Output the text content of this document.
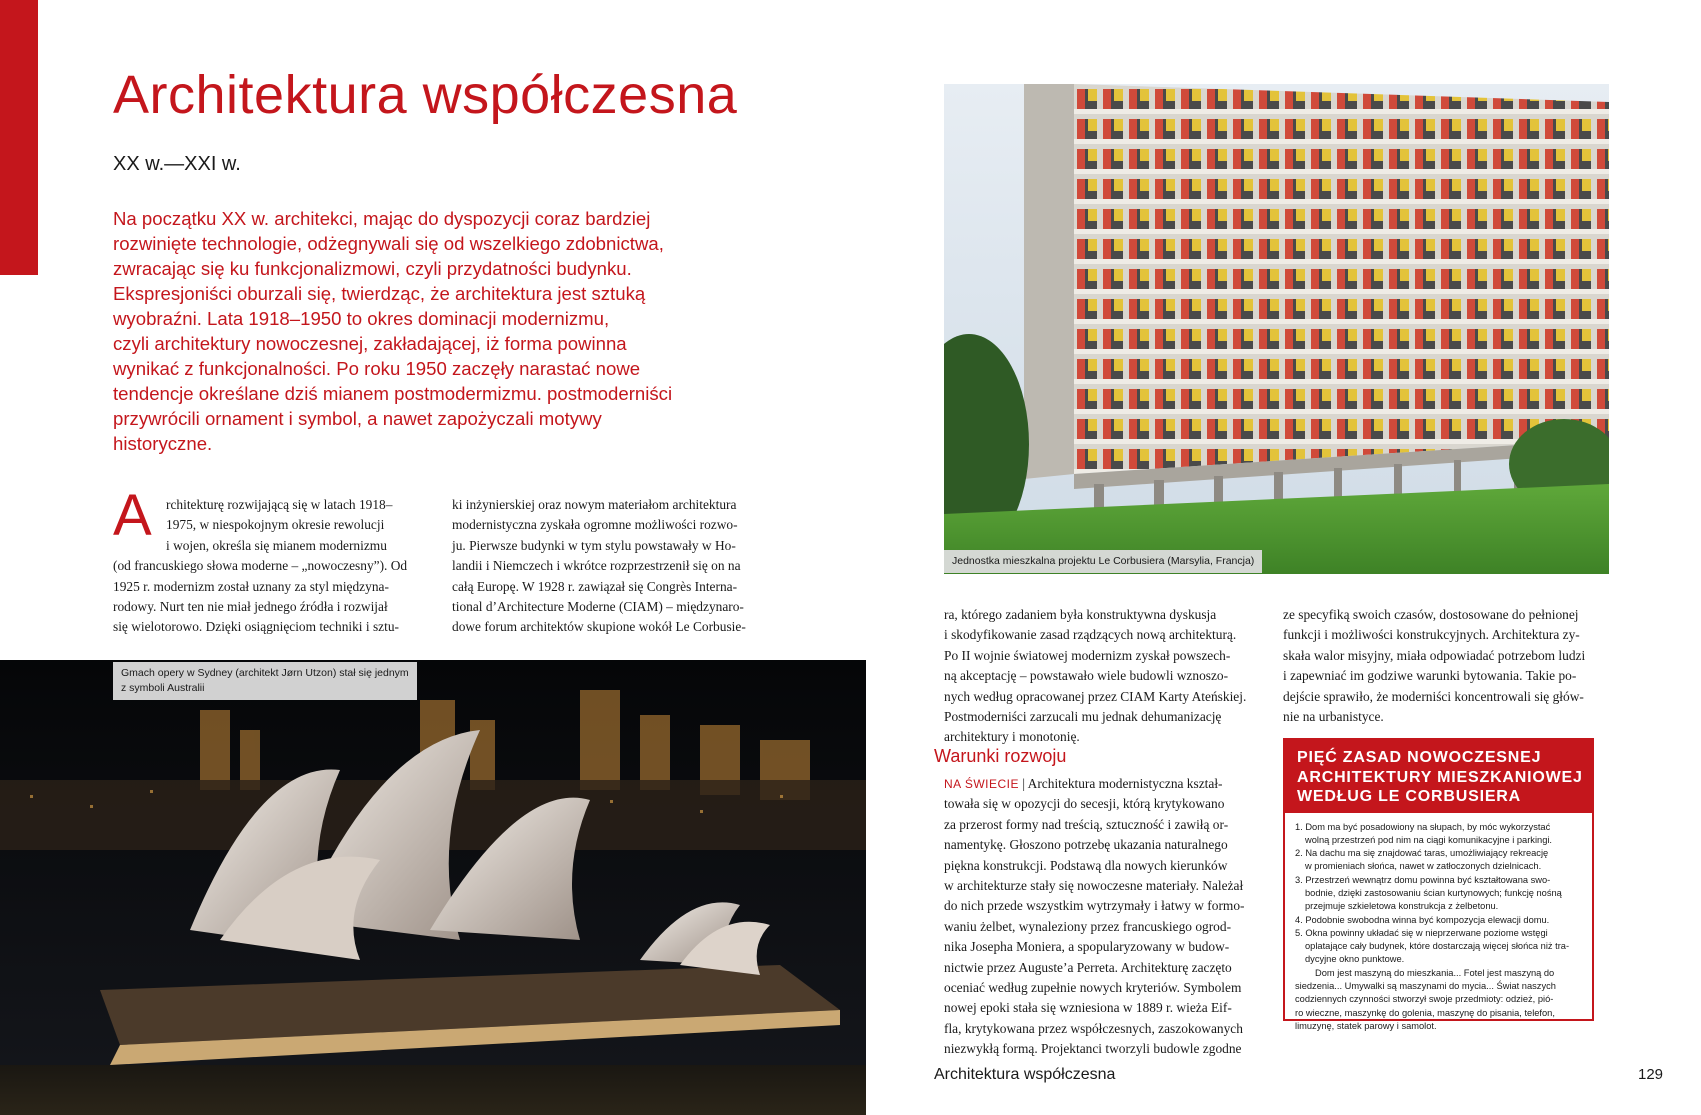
Architektura współczesna
XX w.—XXI w.
Na początku XX w. architekci, mając do dyspozycji coraz bardziej
rozwinięte technologie, odżegnywali się od wszelkiego zdobnictwa,
zwracając się ku funkcjonalizmowi, czyli przydatności budynku.
Ekspresjoniści oburzali się, twierdząc, że architektura jest sztuką
wyobraźni. Lata 1918–1950 to okres dominacji modernizmu,
czyli architektury nowoczesnej, zakładającej, iż forma powinna
wynikać z funkcjonalności. Po roku 1950 zaczęły narastać nowe
tendencje określane dziś mianem postmodermizmu. postmoderniści
przywrócili ornament i symbol, a nawet zapożyczali motywy
historyczne.
A	rchitekturę rozwijającą się w latach 1918–
1975, w niespokojnym okresie rewolucji
i wojen, określa się mianem modernizmu
(od francuskiego słowa moderne – „nowoczesny”). Od
1925 r. modernizm został uznany za styl międzyna-
rodowy. Nurt ten nie miał jednego źródła i rozwijał
się wielotorowo. Dzięki osiągnięciom techniki i sztu-
ki inżynierskiej oraz nowym materiałom architektura
modernistyczna zyskała ogromne możliwości rozwo-
ju. Pierwsze budynki w tym stylu powstawały w Ho-
landii i Niemczech i wkrótce rozprzestrzenił się on na
całą Europę. W 1928 r. zawiązał się Congrès Interna-
tional d’Architecture Moderne (CIAM) – międzynaro-
dowe forum architektów skupione wokół Le Corbusie-
Jednostka mieszkalna projektu Le Corbusiera (Marsylia, Francja)
Gmach opery w Sydney (architekt Jørn Utzon) stał się jednym
z symboli Australii
ra, którego zadaniem była konstruktywna dyskusja
i skodyfikowanie zasad rządzących nową architekturą.
Po II wojnie światowej modernizm zyskał powszech-
ną akceptację – powstawało wiele budowli wznoszo-
nych według opracowanej przez CIAM Karty Ateńskiej.
Postmoderniści zarzucali mu jednak dehumanizację
architektury i monotonię.
ze specyfiką swoich czasów, dostosowane do pełnionej
funkcji i możliwości konstrukcyjnych. Architektura zy-
skała walor misyjny, miała odpowiadać potrzebom ludzi
i zapewniać im godziwe warunki bytowania. Takie po-
dejście sprawiło, że moderniści koncentrowali się głów-
nie na urbanistyce.
Warunki rozwoju
NA ŚWIECIE | Architektura modernistyczna kształ-
towała się w opozycji do secesji, którą krytykowano
za przerost formy nad treścią, sztuczność i zawiłą or-
namentykę. Głoszono potrzebę ukazania naturalnego
piękna konstrukcji. Podstawą dla nowych kierunków
w architekturze stały się nowoczesne materiały. Należał
do nich przede wszystkim wytrzymały i łatwy w formo-
waniu żelbet, wynaleziony przez francuskiego ogrod-
nika Josepha Moniera, a spopularyzowany w budow-
nictwie przez Auguste’a Perreta. Architekturę zaczęto
oceniać według zupełnie nowych kryteriów. Symbolem
nowej epoki stała się wzniesiona w 1889 r. wieża Eif-
fla, krytykowana przez współczesnych, zaszokowanych
niezwykłą formą. Projektanci tworzyli budowle zgodne
PIĘĆ ZASAD NOWOCZESNEJ
ARCHITEKTURY MIESZKANIOWEJ
WEDŁUG LE CORBUSIERA
1. Dom ma być posadowiony na słupach, by móc wykorzystać
wolną przestrzeń pod nim na ciągi komunikacyjne i parkingi.
2. Na dachu ma się znajdować taras, umożliwiający rekreację
w promieniach słońca, nawet w zatłoczonych dzielnicach.
3. Przestrzeń wewnątrz domu powinna być kształtowana swo-
bodnie, dzięki zastosowaniu ścian kurtynowych; funkcję nośną
przejmuje szkieletowa konstrukcja z żelbetonu.
4. Podobnie swobodna winna być kompozycja elewacji domu.
5. Okna powinny układać się w nieprzerwane poziome wstęgi
oplatające cały budynek, które dostarczają więcej słońca niż tra-
dycyjne okno punktowe.
Dom jest maszyną do mieszkania... Fotel jest maszyną do
siedzenia... Umywalki są maszynami do mycia... Świat naszych
codziennych czynności stworzył swoje przedmioty: odzież, pió-
ro wieczne, maszynkę do golenia, maszynę do pisania, telefon,
limuzynę, statek parowy i samolot.
Architektura współczesna	129
